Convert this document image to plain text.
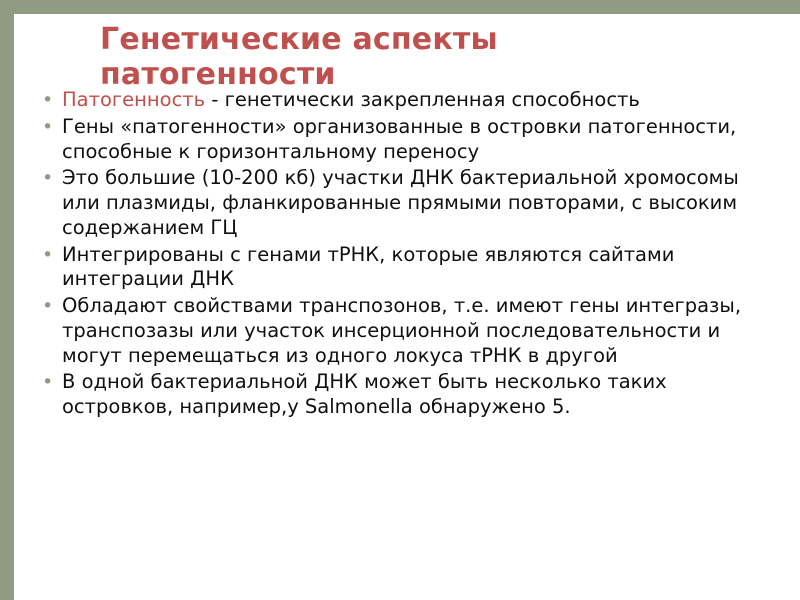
Генетические аспекты патогенности
• Патогенность - генетически закрепленная способность
• Гены «патогенности» организованные в островки патогенности, способные к горизонтальному переносу
• Это большие (10-200 кб) участки ДНК бактериальной хромосомы или плазмиды, фланкированные прямыми повторами, с высоким содержанием ГЦ
• Интегрированы с генами тРНК, которые являются сайтами интеграции ДНК
• Обладают свойствами транспозонов, т.е. имеют гены интегразы, транспозазы или участок инсерционной последовательности и могут перемещаться из одного локуса тРНК в другой
• В одной бактериальной ДНК может быть несколько таких островков, например,у Salmonella обнаружено 5.
